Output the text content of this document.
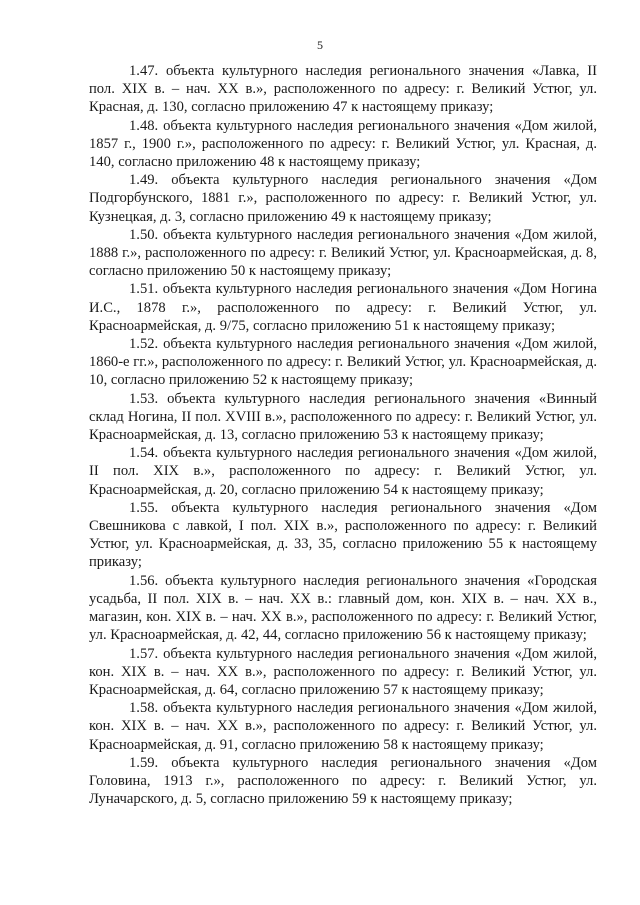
5

1.47. объекта культурного наследия регионального значения «Лавка, II пол. XIX в. – нач. XX в.», расположенного по адресу: г. Великий Устюг, ул. Красная, д. 130, согласно приложению 47 к настоящему приказу;

1.48. объекта культурного наследия регионального значения «Дом жилой, 1857 г., 1900 г.», расположенного по адресу: г. Великий Устюг, ул. Красная, д. 140, согласно приложению 48 к настоящему приказу;

1.49. объекта культурного наследия регионального значения «Дом Подгорбунского, 1881 г.», расположенного по адресу: г. Великий Устюг, ул. Кузнецкая, д. 3, согласно приложению 49 к настоящему приказу;

1.50. объекта культурного наследия регионального значения «Дом жилой, 1888 г.», расположенного по адресу: г. Великий Устюг, ул. Красноармейская, д. 8, согласно приложению 50 к настоящему приказу;

1.51. объекта культурного наследия регионального значения «Дом Ногина И.С., 1878 г.», расположенного по адресу: г. Великий Устюг, ул. Красноармейская, д. 9/75, согласно приложению 51 к настоящему приказу;

1.52. объекта культурного наследия регионального значения «Дом жилой, 1860-е гг.», расположенного по адресу: г. Великий Устюг, ул. Красноармейская, д. 10, согласно приложению 52 к настоящему приказу;

1.53. объекта культурного наследия регионального значения «Винный склад Ногина, II пол. XVIII в.», расположенного по адресу: г. Великий Устюг, ул. Красноармейская, д. 13, согласно приложению 53 к настоящему приказу;

1.54. объекта культурного наследия регионального значения «Дом жилой, II пол. XIX в.», расположенного по адресу: г. Великий Устюг, ул. Красноармейская, д. 20, согласно приложению 54 к настоящему приказу;

1.55. объекта культурного наследия регионального значения «Дом Свешникова с лавкой, I пол. XIX в.», расположенного по адресу: г. Великий Устюг, ул. Красноармейская, д. 33, 35, согласно приложению 55 к настоящему приказу;

1.56. объекта культурного наследия регионального значения «Городская усадьба, II пол. XIX в. – нач. XX в.: главный дом, кон. XIX в. – нач. XX в., магазин, кон. XIX в. – нач. XX в.», расположенного по адресу: г. Великий Устюг, ул. Красноармейская, д. 42, 44, согласно приложению 56 к настоящему приказу;

1.57. объекта культурного наследия регионального значения «Дом жилой, кон. XIX в. – нач. XX в.», расположенного по адресу: г. Великий Устюг, ул. Красноармейская, д. 64, согласно приложению 57 к настоящему приказу;

1.58. объекта культурного наследия регионального значения «Дом жилой, кон. XIX в. – нач. XX в.», расположенного по адресу: г. Великий Устюг, ул. Красноармейская, д. 91, согласно приложению 58 к настоящему приказу;

1.59. объекта культурного наследия регионального значения «Дом Головина, 1913 г.», расположенного по адресу: г. Великий Устюг, ул. Луначарского, д. 5, согласно приложению 59 к настоящему приказу;
